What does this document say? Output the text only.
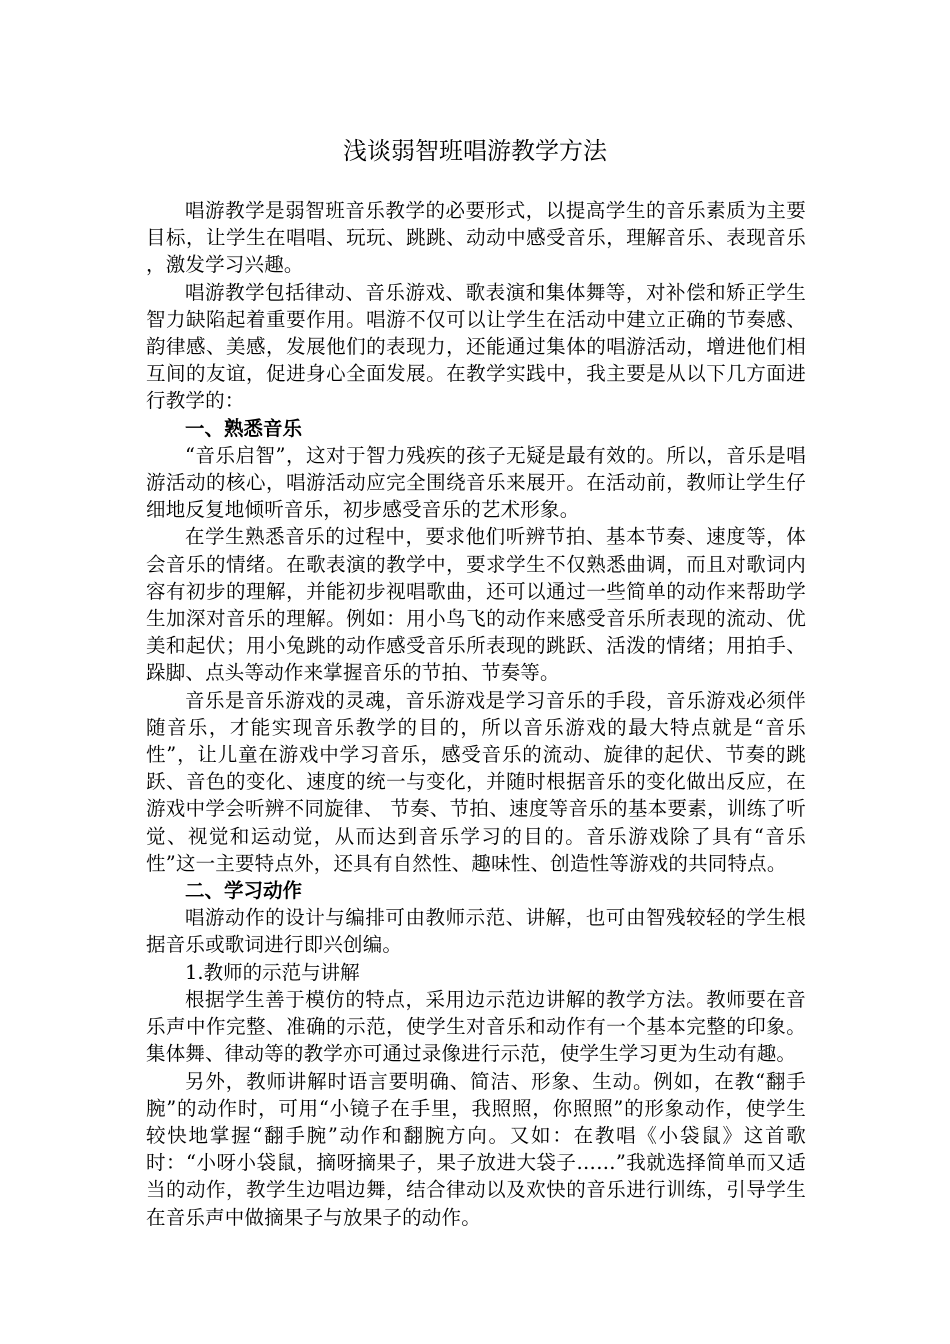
浅谈弱智班唱游教学方法

唱游教学是弱智班音乐教学的必要形式，以提高学生的音乐素质为主要目标，让学生在唱唱、玩玩、跳跳、动动中感受音乐，理解音乐、表现音乐 ，激发学习兴趣。

唱游教学包括律动、音乐游戏、歌表演和集体舞等，对补偿和矫正学生智力缺陷起着重要作用。唱游不仅可以让学生在活动中建立正确的节奏感、韵律感、美感，发展他们的表现力，还能通过集体的唱游活动，增进他们相互间的友谊，促进身心全面发展。在教学实践中，我主要是从以下几方面进行教学的：

一、熟悉音乐

“音乐启智”，这对于智力残疾的孩子无疑是最有效的。所以，音乐是唱游活动的核心，唱游活动应完全围绕音乐来展开。在活动前，教师让学生仔细地反复地倾听音乐，初步感受音乐的艺术形象。

在学生熟悉音乐的过程中，要求他们听辨节拍、基本节奏、速度等，体会音乐的情绪。在歌表演的教学中，要求学生不仅熟悉曲调，而且对歌词内容有初步的理解，并能初步视唱歌曲，还可以通过一些简单的动作来帮助学生加深对音乐的理解。例如：用小鸟飞的动作来感受音乐所表现的流动、优美和起伏；用小兔跳的动作感受音乐所表现的跳跃、活泼的情绪；用拍手、跺脚、点头等动作来掌握音乐的节拍、节奏等。

音乐是音乐游戏的灵魂，音乐游戏是学习音乐的手段，音乐游戏必须伴随音乐，才能实现音乐教学的目的，所以音乐游戏的最大特点就是“音乐性”，让儿童在游戏中学习音乐，感受音乐的流动、旋律的起伏、节奏的跳跃、音色的变化、速度的统一与变化，并随时根据音乐的变化做出反应，在游戏中学会听辨不同旋律、 节奏、节拍、速度等音乐的基本要素，训练了听觉、视觉和运动觉，从而达到音乐学习的目的。音乐游戏除了具有“音乐性”这一主要特点外，还具有自然性、趣味性、创造性等游戏的共同特点。

二、学习动作

唱游动作的设计与编排可由教师示范、讲解，也可由智残较轻的学生根据音乐或歌词进行即兴创编。

1.教师的示范与讲解

根据学生善于模仿的特点，采用边示范边讲解的教学方法。教师要在音乐声中作完整、准确的示范，使学生对音乐和动作有一个基本完整的印象。集体舞、律动等的教学亦可通过录像进行示范，使学生学习更为生动有趣。

另外，教师讲解时语言要明确、简洁、形象、生动。例如，在教“翻手腕”的动作时，可用“小镜子在手里，我照照，你照照”的形象动作，使学生较快地掌握“翻手腕”动作和翻腕方向。又如：在教唱《小袋鼠》这首歌时：“小呀小袋鼠，摘呀摘果子，果子放进大袋子……”我就选择简单而又适当的动作，教学生边唱边舞，结合律动以及欢快的音乐进行训练，引导学生在音乐声中做摘果子与放果子的动作。
